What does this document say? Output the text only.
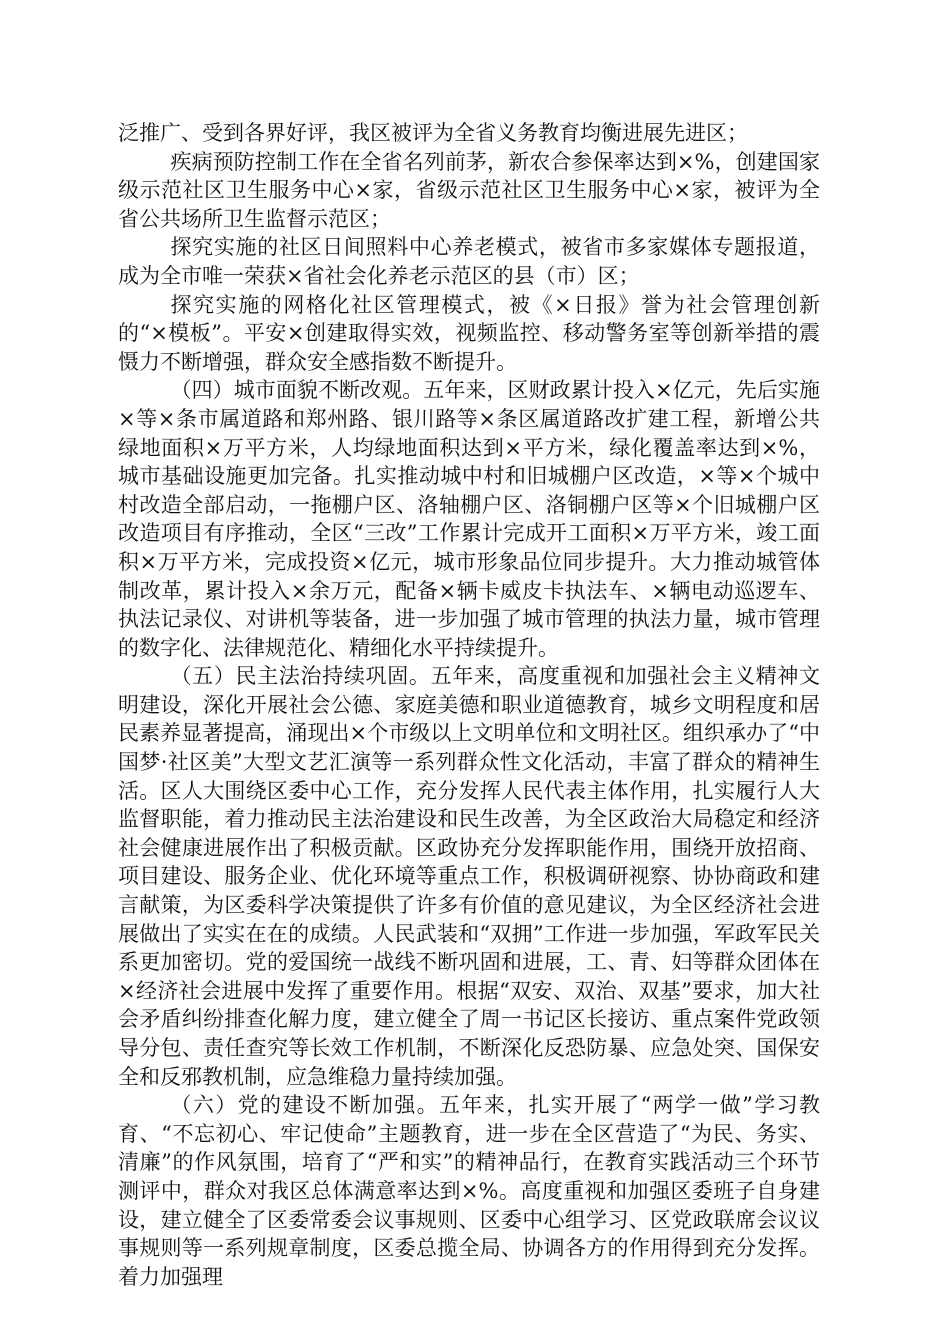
泛推广、受到各界好评，我区被评为全省义务教育均衡进展先进区；

疾病预防控制工作在全省名列前茅，新农合参保率达到×%，创建国家级示范社区卫生服务中心×家，省级示范社区卫生服务中心×家，被评为全省公共场所卫生监督示范区；

探究实施的社区日间照料中心养老模式，被省市多家媒体专题报道，成为全市唯一荣获×省社会化养老示范区的县（市）区；

探究实施的网格化社区管理模式，被《×日报》誉为社会管理创新的“×模板”。平安×创建取得实效，视频监控、移动警务室等创新举措的震慑力不断增强，群众安全感指数不断提升。

（四）城市面貌不断改观。五年来，区财政累计投入×亿元，先后实施×等×条市属道路和郑州路、银川路等×条区属道路改扩建工程，新增公共绿地面积×万平方米，人均绿地面积达到×平方米，绿化覆盖率达到×%，城市基础设施更加完备。扎实推动城中村和旧城棚户区改造，×等×个城中村改造全部启动，一拖棚户区、洛轴棚户区、洛铜棚户区等×个旧城棚户区改造项目有序推动，全区“三改”工作累计完成开工面积×万平方米，竣工面积×万平方米，完成投资×亿元，城市形象品位同步提升。大力推动城管体制改革，累计投入×余万元，配备×辆卡威皮卡执法车、×辆电动巡逻车、执法记录仪、对讲机等装备，进一步加强了城市管理的执法力量，城市管理的数字化、法律规范化、精细化水平持续提升。

（五）民主法治持续巩固。五年来，高度重视和加强社会主义精神文明建设，深化开展社会公德、家庭美德和职业道德教育，城乡文明程度和居民素养显著提高，涌现出×个市级以上文明单位和文明社区。组织承办了“中国梦·社区美”大型文艺汇演等一系列群众性文化活动，丰富了群众的精神生活。区人大围绕区委中心工作，充分发挥人民代表主体作用，扎实履行人大监督职能，着力推动民主法治建设和民生改善，为全区政治大局稳定和经济社会健康进展作出了积极贡献。区政协充分发挥职能作用，围绕开放招商、项目建设、服务企业、优化环境等重点工作，积极调研视察、协协商政和建言献策，为区委科学决策提供了许多有价值的意见建议，为全区经济社会进展做出了实实在在的成绩。人民武装和“双拥”工作进一步加强，军政军民关系更加密切。党的爱国统一战线不断巩固和进展，工、青、妇等群众团体在×经济社会进展中发挥了重要作用。根据“双安、双治、双基”要求，加大社会矛盾纠纷排查化解力度，建立健全了周一书记区长接访、重点案件党政领导分包、责任查究等长效工作机制，不断深化反恐防暴、应急处突、国保安全和反邪教机制，应急维稳力量持续加强。

（六）党的建设不断加强。五年来，扎实开展了“两学一做”学习教育、“不忘初心、牢记使命”主题教育，进一步在全区营造了“为民、务实、清廉”的作风氛围，培育了“严和实”的精神品行，在教育实践活动三个环节测评中，群众对我区总体满意率达到×%。高度重视和加强区委班子自身建设，建立健全了区委常委会议事规则、区委中心组学习、区党政联席会议议事规则等一系列规章制度，区委总揽全局、协调各方的作用得到充分发挥。着力加强理
